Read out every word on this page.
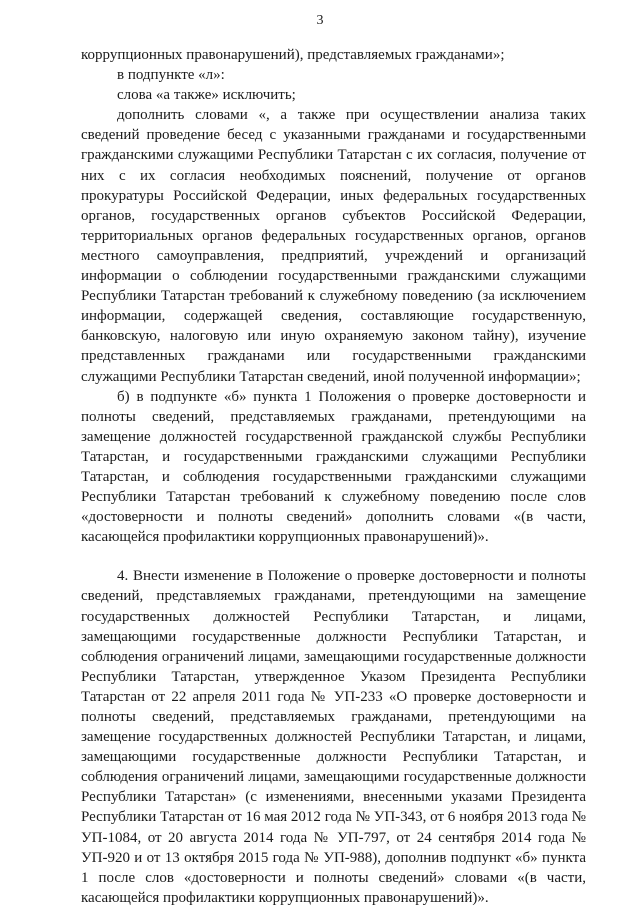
3

коррупционных правонарушений), представляемых гражданами»;

в подпункте «л»:

слова «а также» исключить;

дополнить словами «, а также при осуществлении анализа таких сведений проведение бесед с указанными гражданами и государственными гражданскими служащими Республики Татарстан с их согласия, получение от них с их согласия необходимых пояснений, получение от органов прокуратуры Российской Федерации, иных федеральных государственных органов, государственных органов субъектов Российской Федерации, территориальных органов федеральных государственных органов, органов местного самоуправления, предприятий, учреждений и организаций информации о соблюдении государственными гражданскими служащими Республики Татарстан требований к служебному поведению (за исключением информации, содержащей сведения, составляющие государственную, банковскую, налоговую или иную охраняемую законом тайну), изучение представленных гражданами или государственными гражданскими служащими Республики Татарстан сведений, иной полученной информации»;

б) в подпункте «б» пункта 1 Положения о проверке достоверности и полноты сведений, представляемых гражданами, претендующими на замещение должностей государственной гражданской службы Республики Татарстан, и государственными гражданскими служащими Республики Татарстан, и соблюдения государственными гражданскими служащими Республики Татарстан требований к служебному поведению после слов «достоверности и полноты сведений» дополнить словами «(в части, касающейся профилактики коррупционных правонарушений)».

4. Внести изменение в Положение о проверке достоверности и полноты сведений, представляемых гражданами, претендующими на замещение государственных должностей Республики Татарстан, и лицами, замещающими государственные должности Республики Татарстан, и соблюдения ограничений лицами, замещающими государственные должности Республики Татарстан, утвержденное Указом Президента Республики Татарстан от 22 апреля 2011 года № УП-233 «О проверке достоверности и полноты сведений, представляемых гражданами, претендующими на замещение государственных должностей Республики Татарстан, и лицами, замещающими государственные должности Республики Татарстан, и соблюдения ограничений лицами, замещающими государственные должности Республики Татарстан» (с изменениями, внесенными указами Президента Республики Татарстан от 16 мая 2012 года № УП-343, от 6 ноября 2013 года № УП-1084, от 20 августа 2014 года № УП-797, от 24 сентября 2014 года № УП-920 и от 13 октября 2015 года № УП-988), дополнив подпункт «б» пункта 1 после слов «достоверности и полноты сведений» словами «(в части, касающейся профилактики коррупционных правонарушений)».
